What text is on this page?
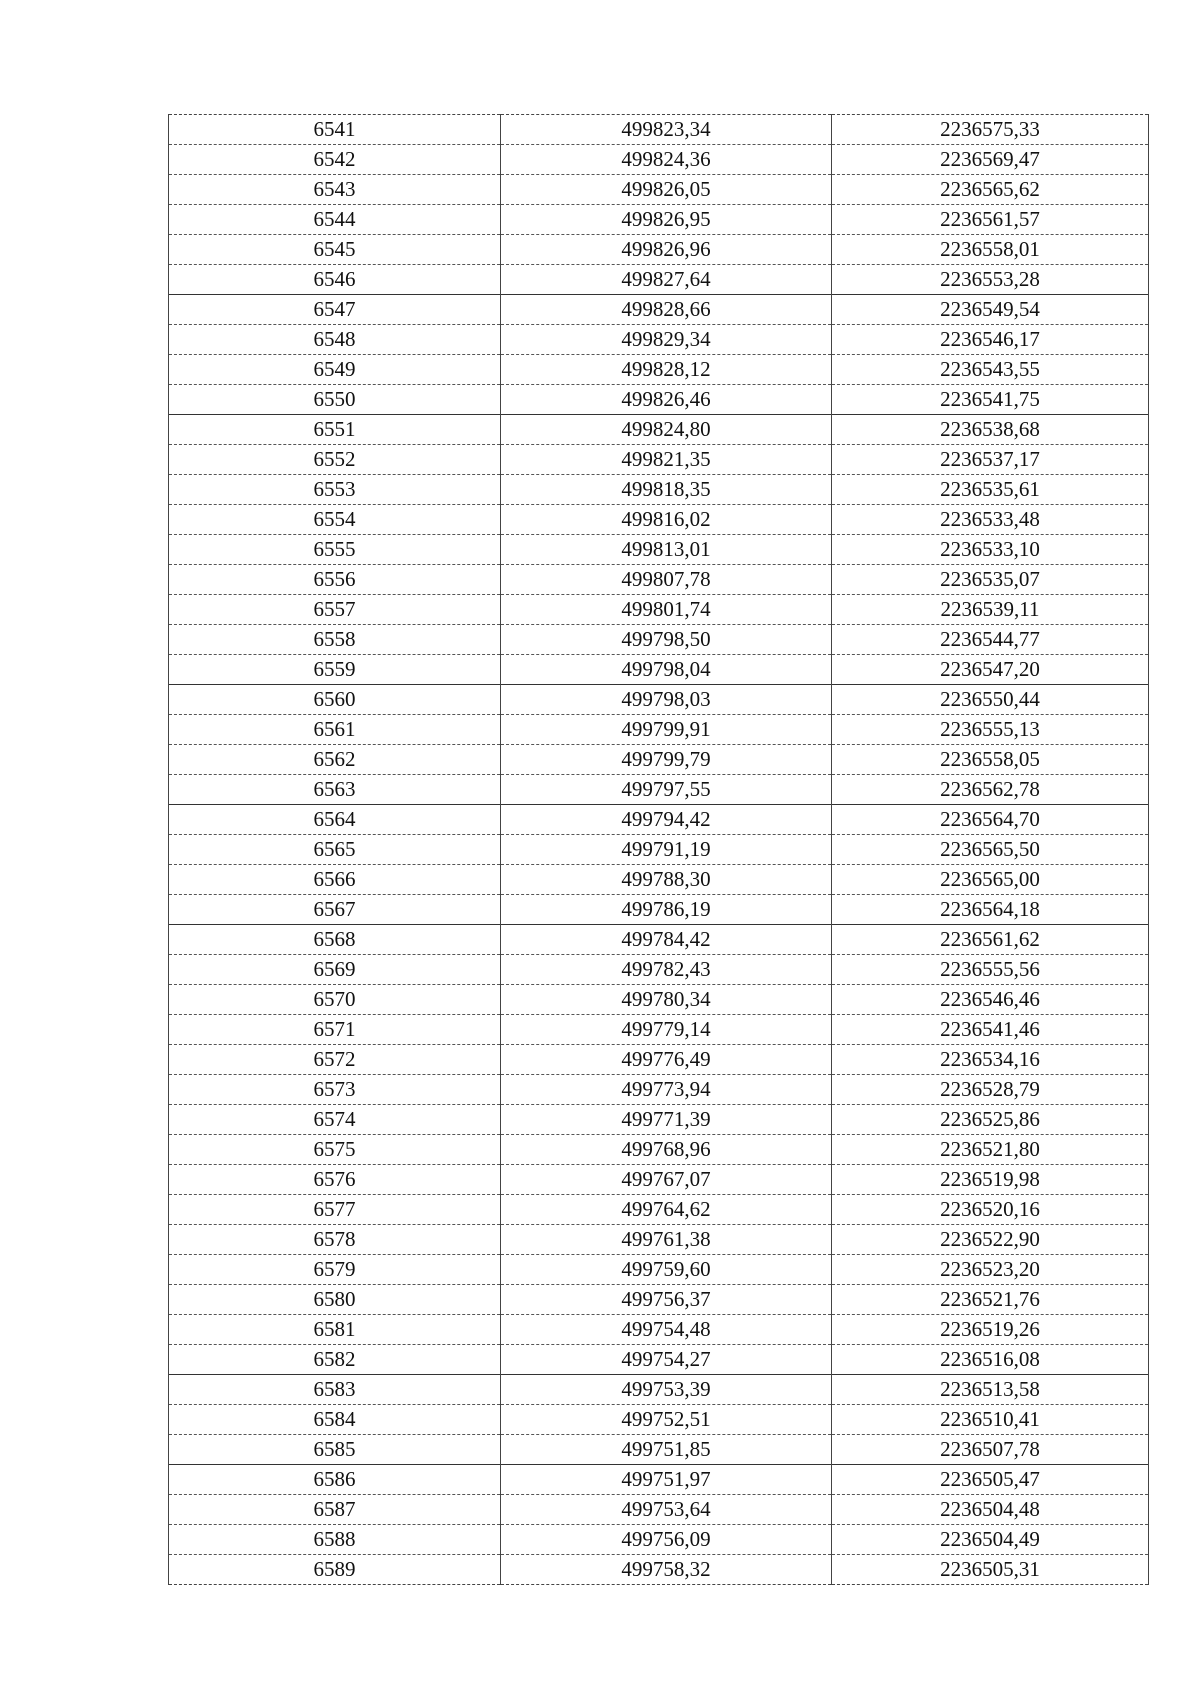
6541	499823,34	2236575,33
6542	499824,36	2236569,47
6543	499826,05	2236565,62
6544	499826,95	2236561,57
6545	499826,96	2236558,01
6546	499827,64	2236553,28
6547	499828,66	2236549,54
6548	499829,34	2236546,17
6549	499828,12	2236543,55
6550	499826,46	2236541,75
6551	499824,80	2236538,68
6552	499821,35	2236537,17
6553	499818,35	2236535,61
6554	499816,02	2236533,48
6555	499813,01	2236533,10
6556	499807,78	2236535,07
6557	499801,74	2236539,11
6558	499798,50	2236544,77
6559	499798,04	2236547,20
6560	499798,03	2236550,44
6561	499799,91	2236555,13
6562	499799,79	2236558,05
6563	499797,55	2236562,78
6564	499794,42	2236564,70
6565	499791,19	2236565,50
6566	499788,30	2236565,00
6567	499786,19	2236564,18
6568	499784,42	2236561,62
6569	499782,43	2236555,56
6570	499780,34	2236546,46
6571	499779,14	2236541,46
6572	499776,49	2236534,16
6573	499773,94	2236528,79
6574	499771,39	2236525,86
6575	499768,96	2236521,80
6576	499767,07	2236519,98
6577	499764,62	2236520,16
6578	499761,38	2236522,90
6579	499759,60	2236523,20
6580	499756,37	2236521,76
6581	499754,48	2236519,26
6582	499754,27	2236516,08
6583	499753,39	2236513,58
6584	499752,51	2236510,41
6585	499751,85	2236507,78
6586	499751,97	2236505,47
6587	499753,64	2236504,48
6588	499756,09	2236504,49
6589	499758,32	2236505,31
